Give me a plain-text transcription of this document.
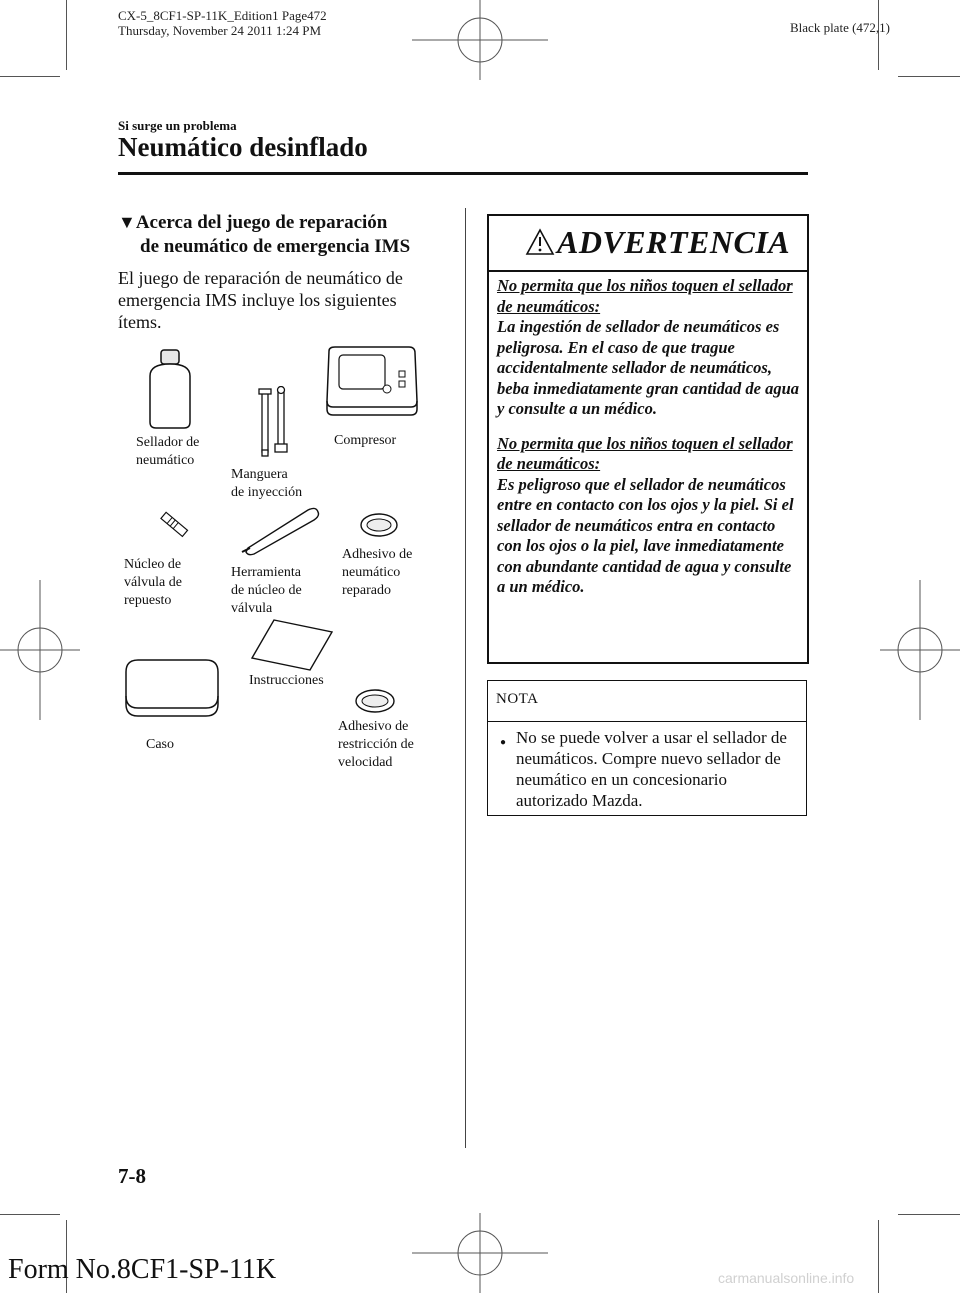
CX-5_8CF1-SP-11K_Edition1 Page472
Thursday, November 24 2011 1:24 PM	Black plate (472,1)
Si surge un problema
Neumático desinflado
▼Acerca del juego de reparación
de neumático de emergencia IMS

El juego de reparación de neumático de emergencia IMS incluye los siguientes ítems.

Sellador de
neumático
Manguera
de inyección
Compresor
Núcleo de
válvula de
repuesto
Herramienta
de núcleo de
válvula
Adhesivo de
neumático
reparado
Caso
Instrucciones
Adhesivo de
restricción de
velocidad
ADVERTENCIA

No permita que los niños toquen el sellador de neumáticos:
La ingestión de sellador de neumáticos es peligrosa. En el caso de que trague accidentalmente sellador de neumáticos, beba inmediatamente gran cantidad de agua y consulte a un médico.

No permita que los niños toquen el sellador de neumáticos:
Es peligroso que el sellador de neumáticos entre en contacto con los ojos y la piel. Si el sellador de neumáticos entra en contacto con los ojos o la piel, lave inmediatamente con abundante cantidad de agua y consulte a un médico.

NOTA
● No se puede volver a usar el sellador de neumáticos. Compre nuevo sellador de neumático en un concesionario autorizado Mazda.
7-8
Form No.8CF1-SP-11K	carmanualsonline.info
